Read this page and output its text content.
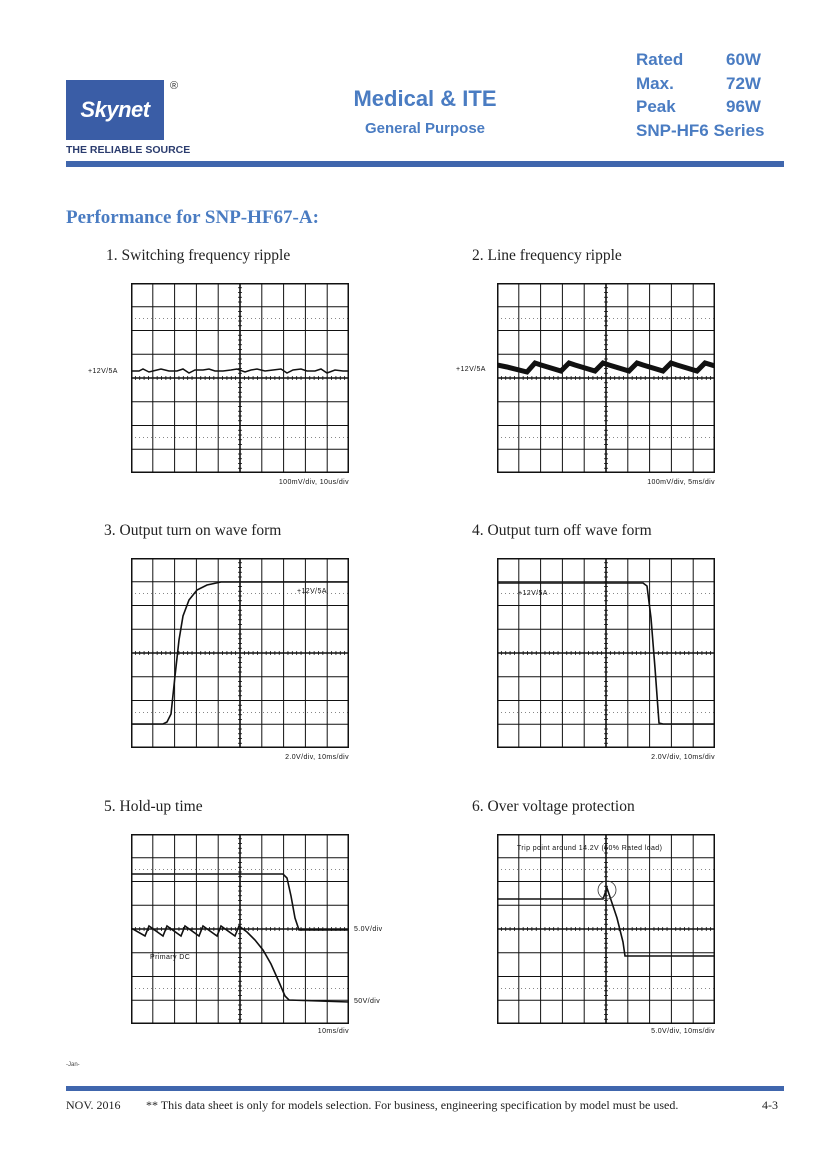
Skynet
®
THE RELIABLE SOURCE
Medical & ITE
General Purpose
Rated	60W
Max.	72W
Peak	96W
SNP-HF6 Series
Performance for SNP-HF67-A:
1. Switching frequency ripple
+12V/5A
100mV/div, 10us/div
2. Line frequency ripple
+12V/5A
100mV/div, 5ms/div
3. Output turn on wave form
+12V/5A
2.0V/div, 10ms/div
4. Output turn off wave form
+12V/5A
2.0V/div, 10ms/div
5. Hold-up time
5.0V/div
Primary DC
50V/div
10ms/div
6. Over voltage protection
Trip point around 14.2V (60% Rated load)
5.0V/div, 10ms/div
-Jan-
NOV. 2016 ** This data sheet is only for models selection. For business, engineering specification by model must be used.	4-3
